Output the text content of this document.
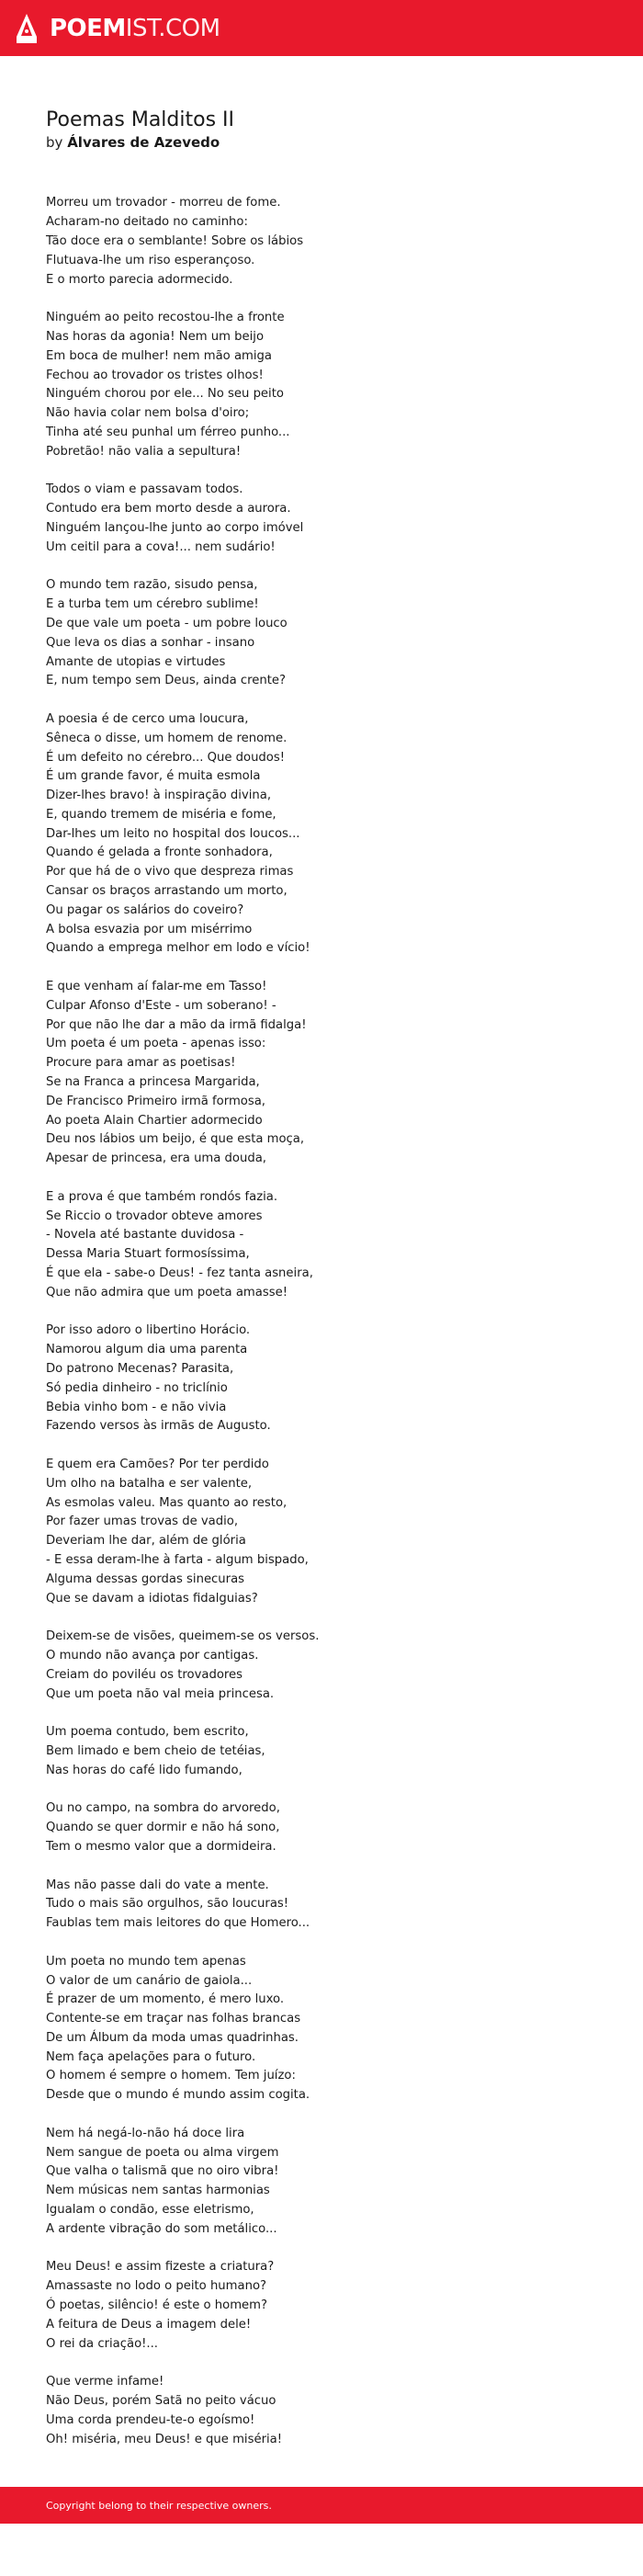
POEMIST.COM
Poemas Malditos II
by Álvares de Azevedo
Morreu um trovador - morreu de fome.
Acharam-no deitado no caminho:
Tão doce era o semblante! Sobre os lábios
Flutuava-lhe um riso esperançoso.
E o morto parecia adormecido.
Ninguém ao peito recostou-lhe a fronte
Nas horas da agonia! Nem um beijo
Em boca de mulher! nem mão amiga
Fechou ao trovador os tristes olhos!
Ninguém chorou por ele... No seu peito
Não havia colar nem bolsa d'oiro;
Tinha até seu punhal um férreo punho...
Pobretão! não valia a sepultura!
Todos o viam e passavam todos.
Contudo era bem morto desde a aurora.
Ninguém lançou-lhe junto ao corpo imóvel
Um ceitil para a cova!... nem sudário!
O mundo tem razão, sisudo pensa,
E a turba tem um cérebro sublime!
De que vale um poeta - um pobre louco
Que leva os dias a sonhar - insano
Amante de utopias e virtudes
E, num tempo sem Deus, ainda crente?
A poesia é de cerco uma loucura,
Sêneca o disse, um homem de renome.
É um defeito no cérebro... Que doudos!
É um grande favor, é muita esmola
Dizer-lhes bravo! à inspiração divina,
E, quando tremem de miséria e fome,
Dar-lhes um leito no hospital dos loucos...
Quando é gelada a fronte sonhadora,
Por que há de o vivo que despreza rimas
Cansar os braços arrastando um morto,
Ou pagar os salários do coveiro?
A bolsa esvazia por um misérrimo
Quando a emprega melhor em lodo e vício!
E que venham aí falar-me em Tasso!
Culpar Afonso d'Este - um soberano! -
Por que não lhe dar a mão da irmã fidalga!
Um poeta é um poeta - apenas isso:
Procure para amar as poetisas!
Se na Franca a princesa Margarida,
De Francisco Primeiro irmã formosa,
Ao poeta Alain Chartier adormecido
Deu nos lábios um beijo, é que esta moça,
Apesar de princesa, era uma douda,
E a prova é que também rondós fazia.
Se Riccio o trovador obteve amores
- Novela até bastante duvidosa -
Dessa Maria Stuart formosíssima,
É que ela - sabe-o Deus! - fez tanta asneira,
Que não admira que um poeta amasse!
Por isso adoro o libertino Horácio.
Namorou algum dia uma parenta
Do patrono Mecenas? Parasita,
Só pedia dinheiro - no triclínio
Bebia vinho bom - e não vivia
Fazendo versos às irmãs de Augusto.
E quem era Camões? Por ter perdido
Um olho na batalha e ser valente,
As esmolas valeu. Mas quanto ao resto,
Por fazer umas trovas de vadio,
Deveriam lhe dar, além de glória
- E essa deram-lhe à farta - algum bispado,
Alguma dessas gordas sinecuras
Que se davam a idiotas fidalguias?
Deixem-se de visões, queimem-se os versos.
O mundo não avança por cantigas.
Creiam do poviléu os trovadores
Que um poeta não val meia princesa.
Um poema contudo, bem escrito,
Bem limado e bem cheio de tetéias,
Nas horas do café lido fumando,
Ou no campo, na sombra do arvoredo,
Quando se quer dormir e não há sono,
Tem o mesmo valor que a dormideira.
Mas não passe dali do vate a mente.
Tudo o mais são orgulhos, são loucuras!
Faublas tem mais leitores do que Homero...
Um poeta no mundo tem apenas
O valor de um canário de gaiola...
É prazer de um momento, é mero luxo.
Contente-se em traçar nas folhas brancas
De um Álbum da moda umas quadrinhas.
Nem faça apelações para o futuro.
O homem é sempre o homem. Tem juízo:
Desde que o mundo é mundo assim cogita.
Nem há negá-lo-não há doce lira
Nem sangue de poeta ou alma virgem
Que valha o talismã que no oiro vibra!
Nem músicas nem santas harmonias
Igualam o condão, esse eletrismo,
A ardente vibração do som metálico...
Meu Deus! e assim fizeste a criatura?
Amassaste no lodo o peito humano?
Ó poetas, silêncio! é este o homem?
A feitura de Deus a imagem dele!
O rei da criação!...
Que verme infame!
Não Deus, porém Satã no peito vácuo
Uma corda prendeu-te-o egoísmo!
Oh! miséria, meu Deus! e que miséria!
Copyright belong to their respective owners.
